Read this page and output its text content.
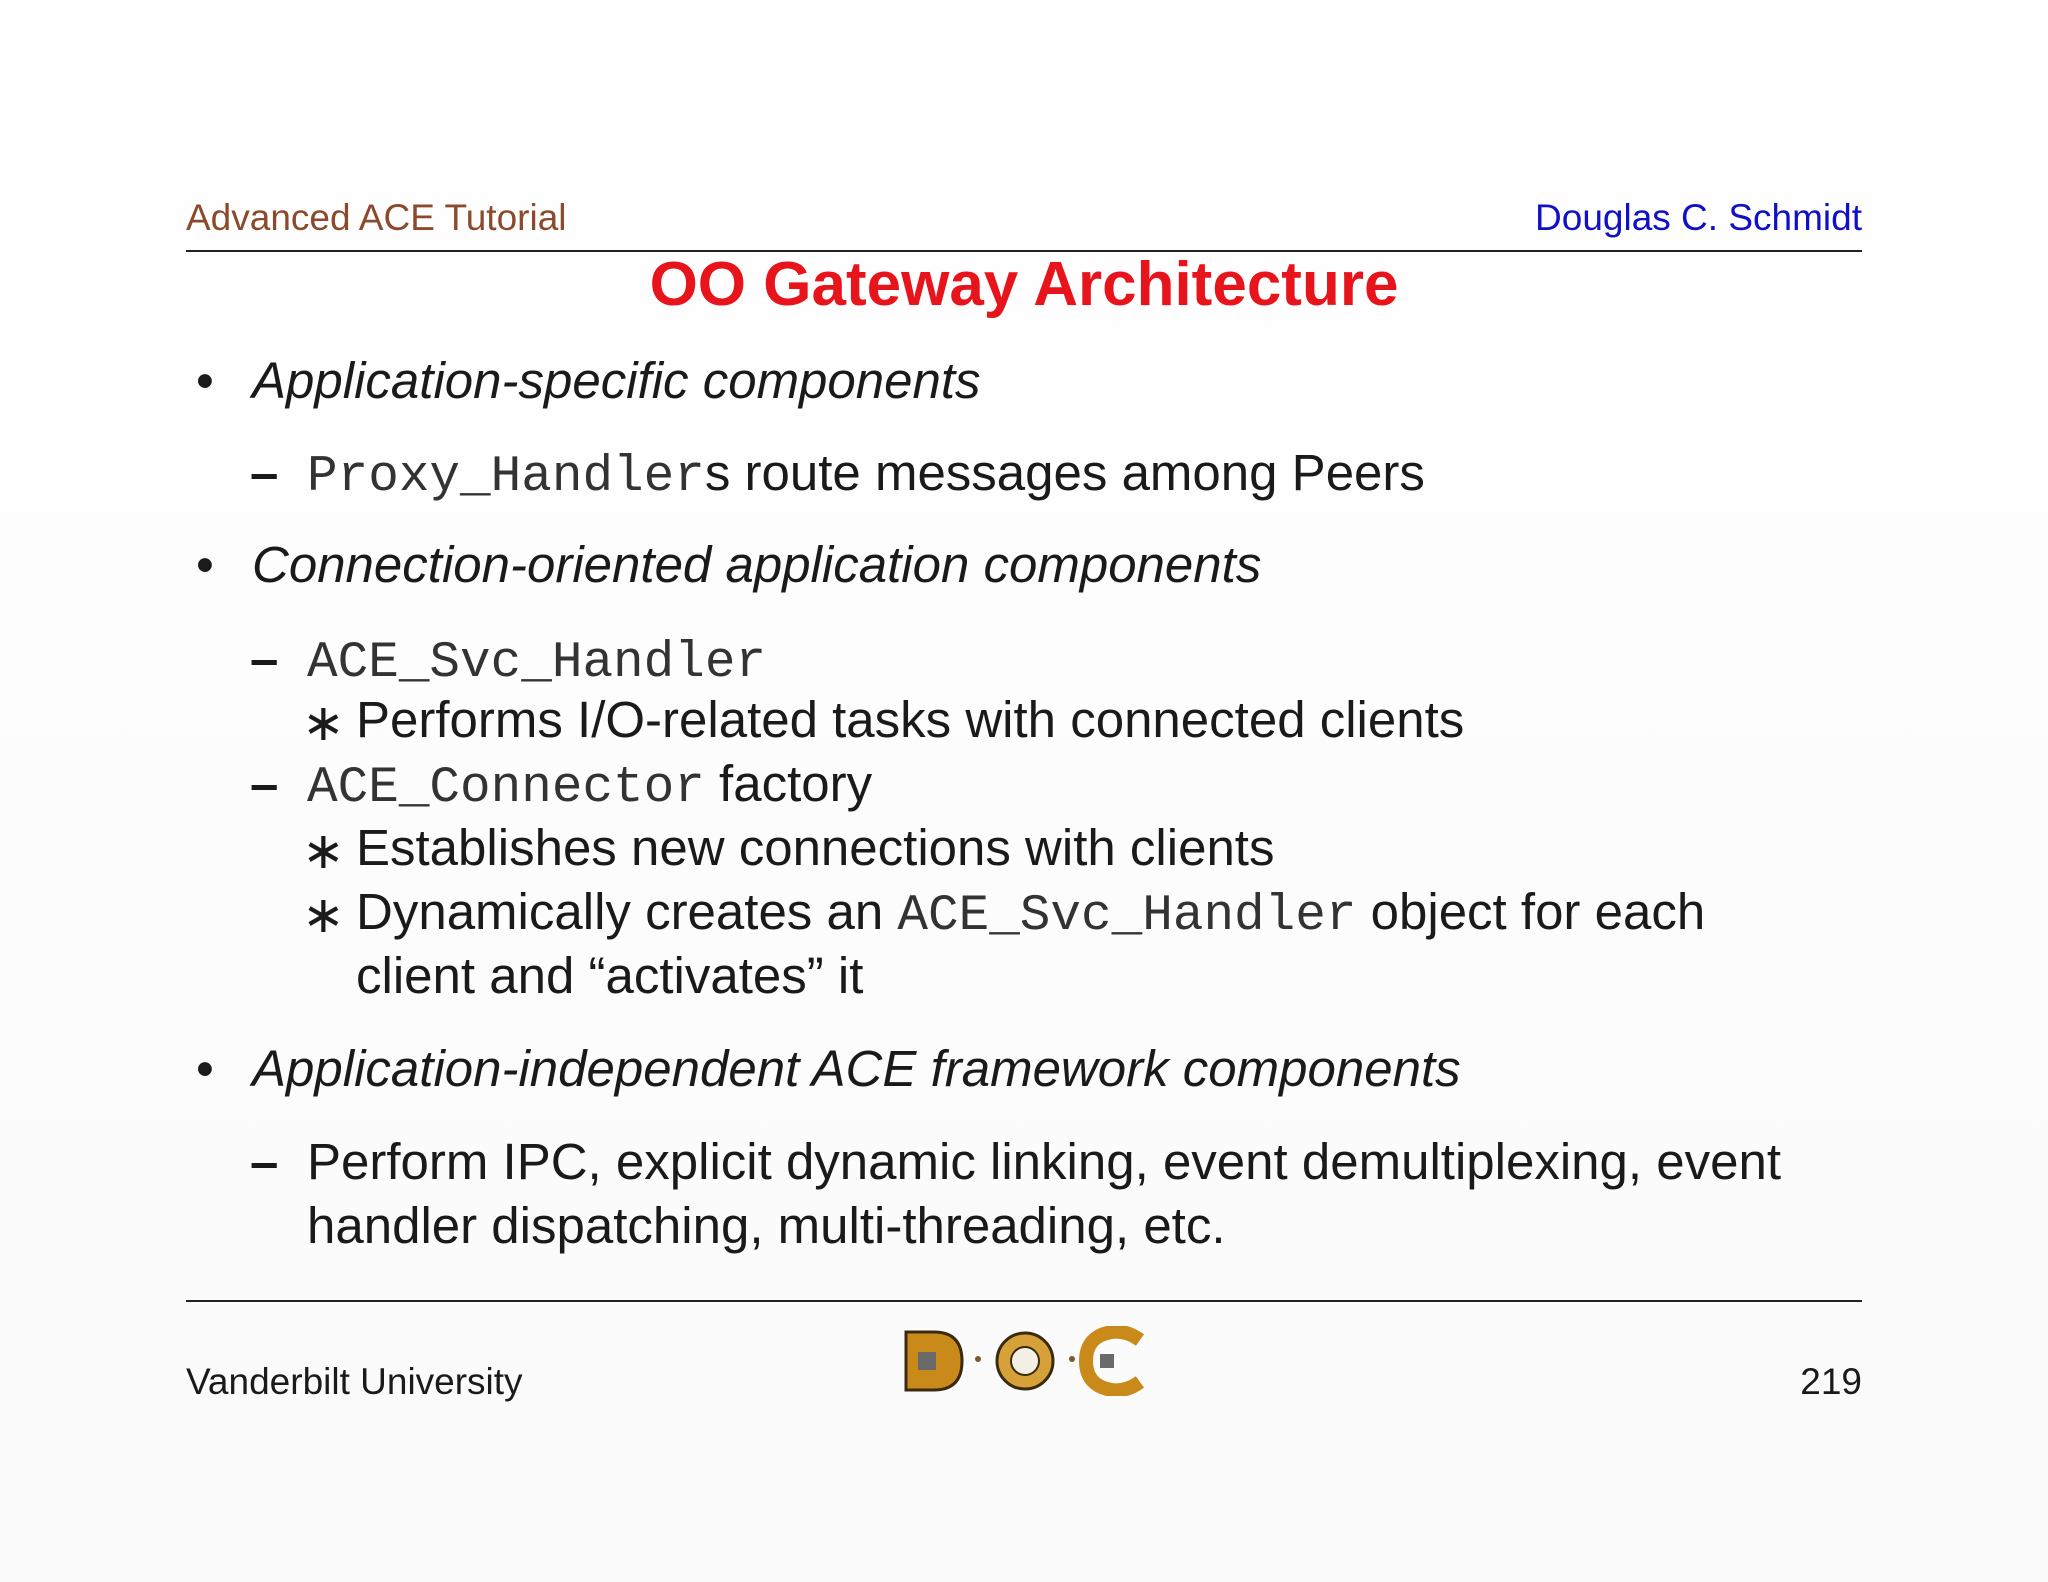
Advanced ACE Tutorial	Douglas C. Schmidt
OO Gateway Architecture
• Application-specific components
– Proxy_Handlers route messages among Peers
• Connection-oriented application components
– ACE_Svc_Handler
∗ Performs I/O-related tasks with connected clients
– ACE_Connector factory
∗ Establishes new connections with clients
∗ Dynamically creates an ACE_Svc_Handler object for each
client and “activates” it
• Application-independent ACE framework components
– Perform IPC, explicit dynamic linking, event demultiplexing, event
handler dispatching, multi-threading, etc.
Vanderbilt University	219
